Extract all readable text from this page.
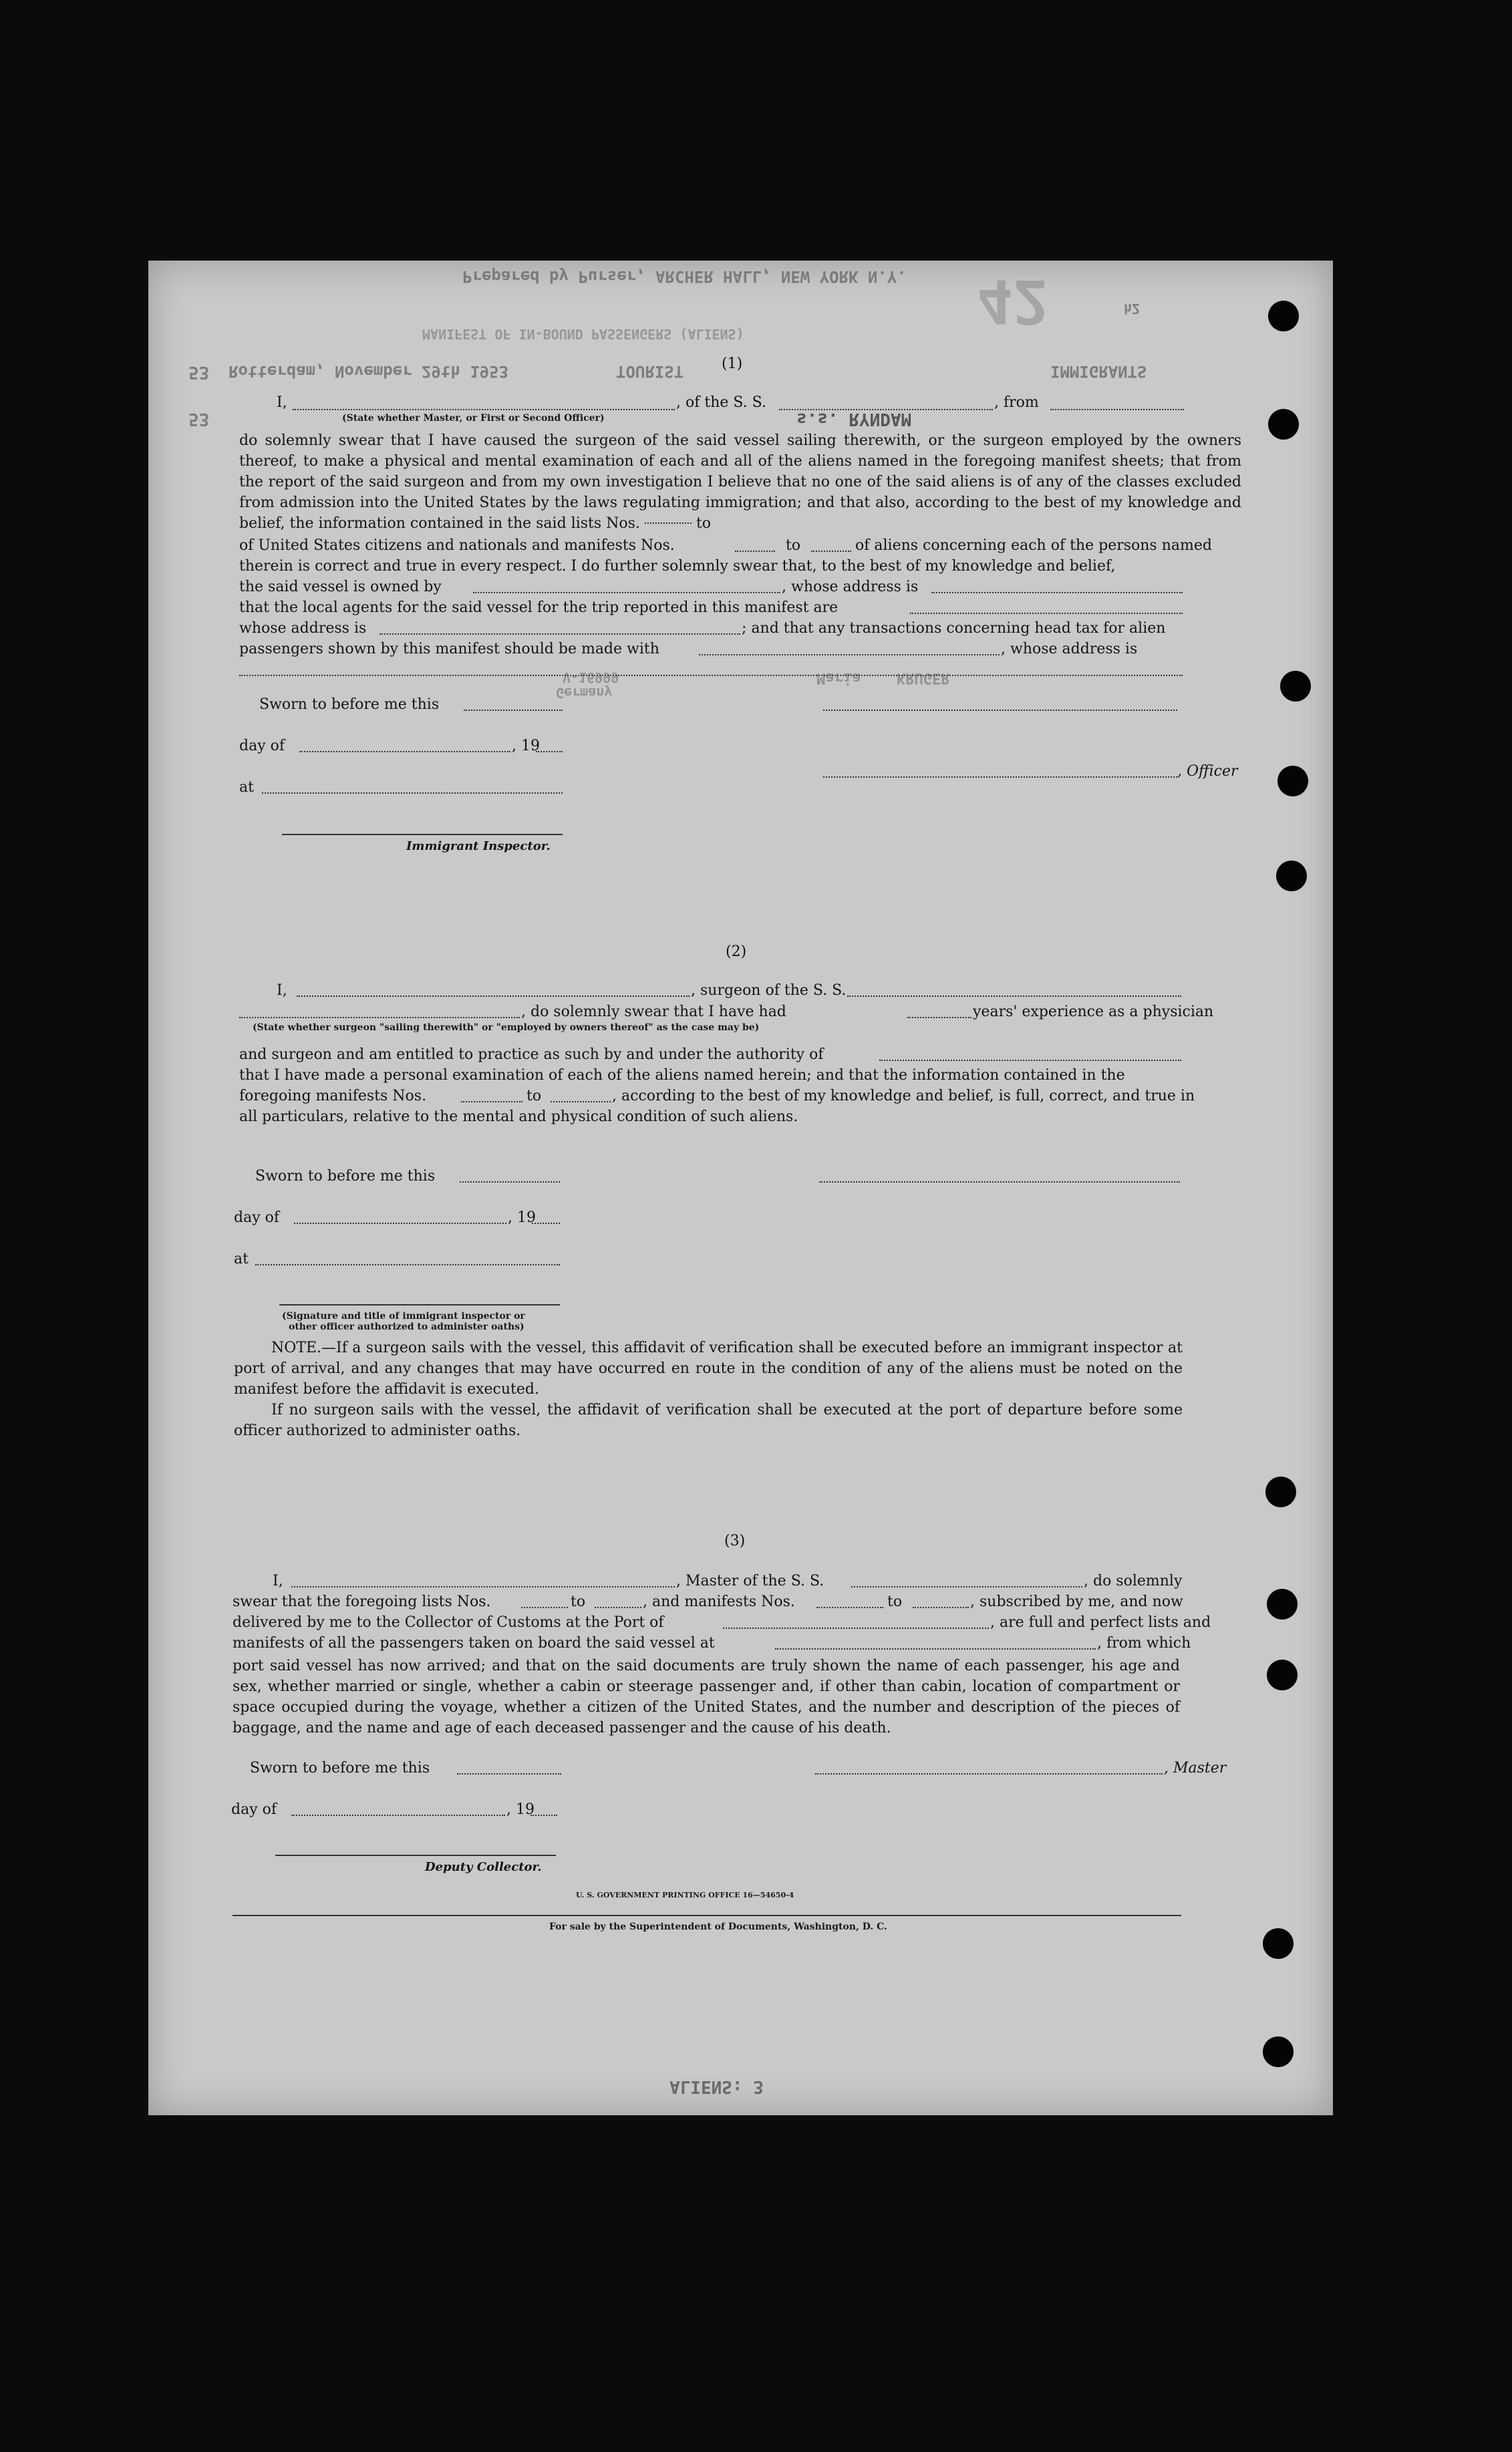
Prepared by Purser, ARCHER HALL, NEW YORK N.Y.
MANIFEST OF IN-BOUND PASSENGERS (ALIENS)
IMMIGRANTS
TOURIST
Rotterdam, November 29th 1953
s.s. RYNDAM
42	h2
53
53
KRUGER
Maria
Germany
V-16999
(1)
I,	, of the S. S.	, from
(State whether Master, or First or Second Officer)
do solemnly swear that I have caused the surgeon of the said vessel sailing therewith, or the surgeon employed by the owners thereof, to make a physical and mental examination of each and all of the aliens named in the foregoing manifest sheets; that from the report of the said surgeon and from my own investigation I believe that no one of the said aliens is of any of the classes excluded from admission into the United States by the laws regulating immigration; and that also, according to the best of my knowledge and belief, the information contained in the said lists Nos.	to
of United States citizens and nationals and manifests Nos.	to	of aliens concerning each of the persons named
therein is correct and true in every respect. I do further solemnly swear that, to the best of my knowledge and belief,
the said vessel is owned by	, whose address is
that the local agents for the said vessel for the trip reported in this manifest are
whose address is	; and that any transactions concerning head tax for alien
passengers shown by this manifest should be made with	, whose address is
Sworn to before me this
day of	, 19
, Officer
at
Immigrant Inspector.
(2)
I,	, surgeon of the S. S.
, do solemnly swear that I have had	years' experience as a physician
(State whether surgeon "sailing therewith" or "employed by owners thereof" as the case may be)
and surgeon and am entitled to practice as such by and under the authority of
that I have made a personal examination of each of the aliens named herein; and that the information contained in the
foregoing manifests Nos.	to	, according to the best of my knowledge and belief, is full, correct, and true in
all particulars, relative to the mental and physical condition of such aliens.
Sworn to before me this
day of	, 19
at
(Signature and title of immigrant inspector or
other officer authorized to administer oaths)
NOTE.—If a surgeon sails with the vessel, this affidavit of verification shall be executed before an immigrant inspector at port of arrival, and any changes that may have occurred en route in the condition of any of the aliens must be noted on the manifest before the affidavit is executed.
If no surgeon sails with the vessel, the affidavit of verification shall be executed at the port of departure before some officer authorized to administer oaths.
(3)
I,	, Master of the S. S.	, do solemnly
swear that the foregoing lists Nos.	to	, and manifests Nos.	to	, subscribed by me, and now
delivered by me to the Collector of Customs at the Port of	, are full and perfect lists and
manifests of all the passengers taken on board the said vessel at	, from which
port said vessel has now arrived; and that on the said documents are truly shown the name of each passenger, his age and sex, whether married or single, whether a cabin or steerage passenger and, if other than cabin, location of compartment or space occupied during the voyage, whether a citizen of the United States, and the number and description of the pieces of baggage, and the name and age of each deceased passenger and the cause of his death.
Sworn to before me this	, Master
day of	, 19
Deputy Collector.
U. S. GOVERNMENT PRINTING OFFICE 16—54650-4
For sale by the Superintendent of Documents, Washington, D. C.
ALIENS: 3
